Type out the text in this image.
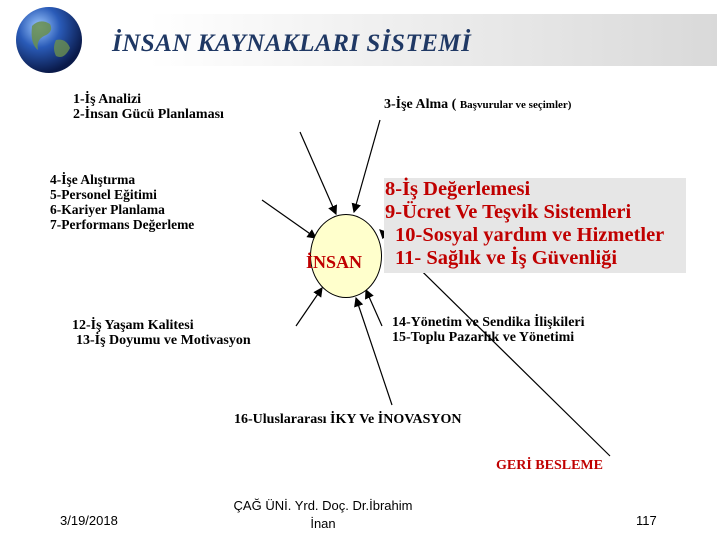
İNSAN KAYNAKLARI SİSTEMİ
1-İş Analizi
2-İnsan Gücü Planlaması
3-İşe Alma ( Başvurular ve seçimler)
4-İşe Alıştırma
5-Personel Eğitimi
6-Kariyer Planlama
7-Performans Değerleme
8-İş Değerlemesi
9-Ücret Ve Teşvik Sistemleri
10-Sosyal yardım ve Hizmetler
11- Sağlık ve İş Güvenliği
İNSAN
12-İş Yaşam Kalitesi
13-İş Doyumu ve Motivasyon
14-Yönetim ve Sendika İlişkileri
15-Toplu Pazarlık ve Yönetimi
16-Uluslararası İKY Ve İNOVASYON
GERİ BESLEME
3/19/2018
ÇAĞ ÜNİ. Yrd. Doç. Dr.İbrahim
İnan	117
